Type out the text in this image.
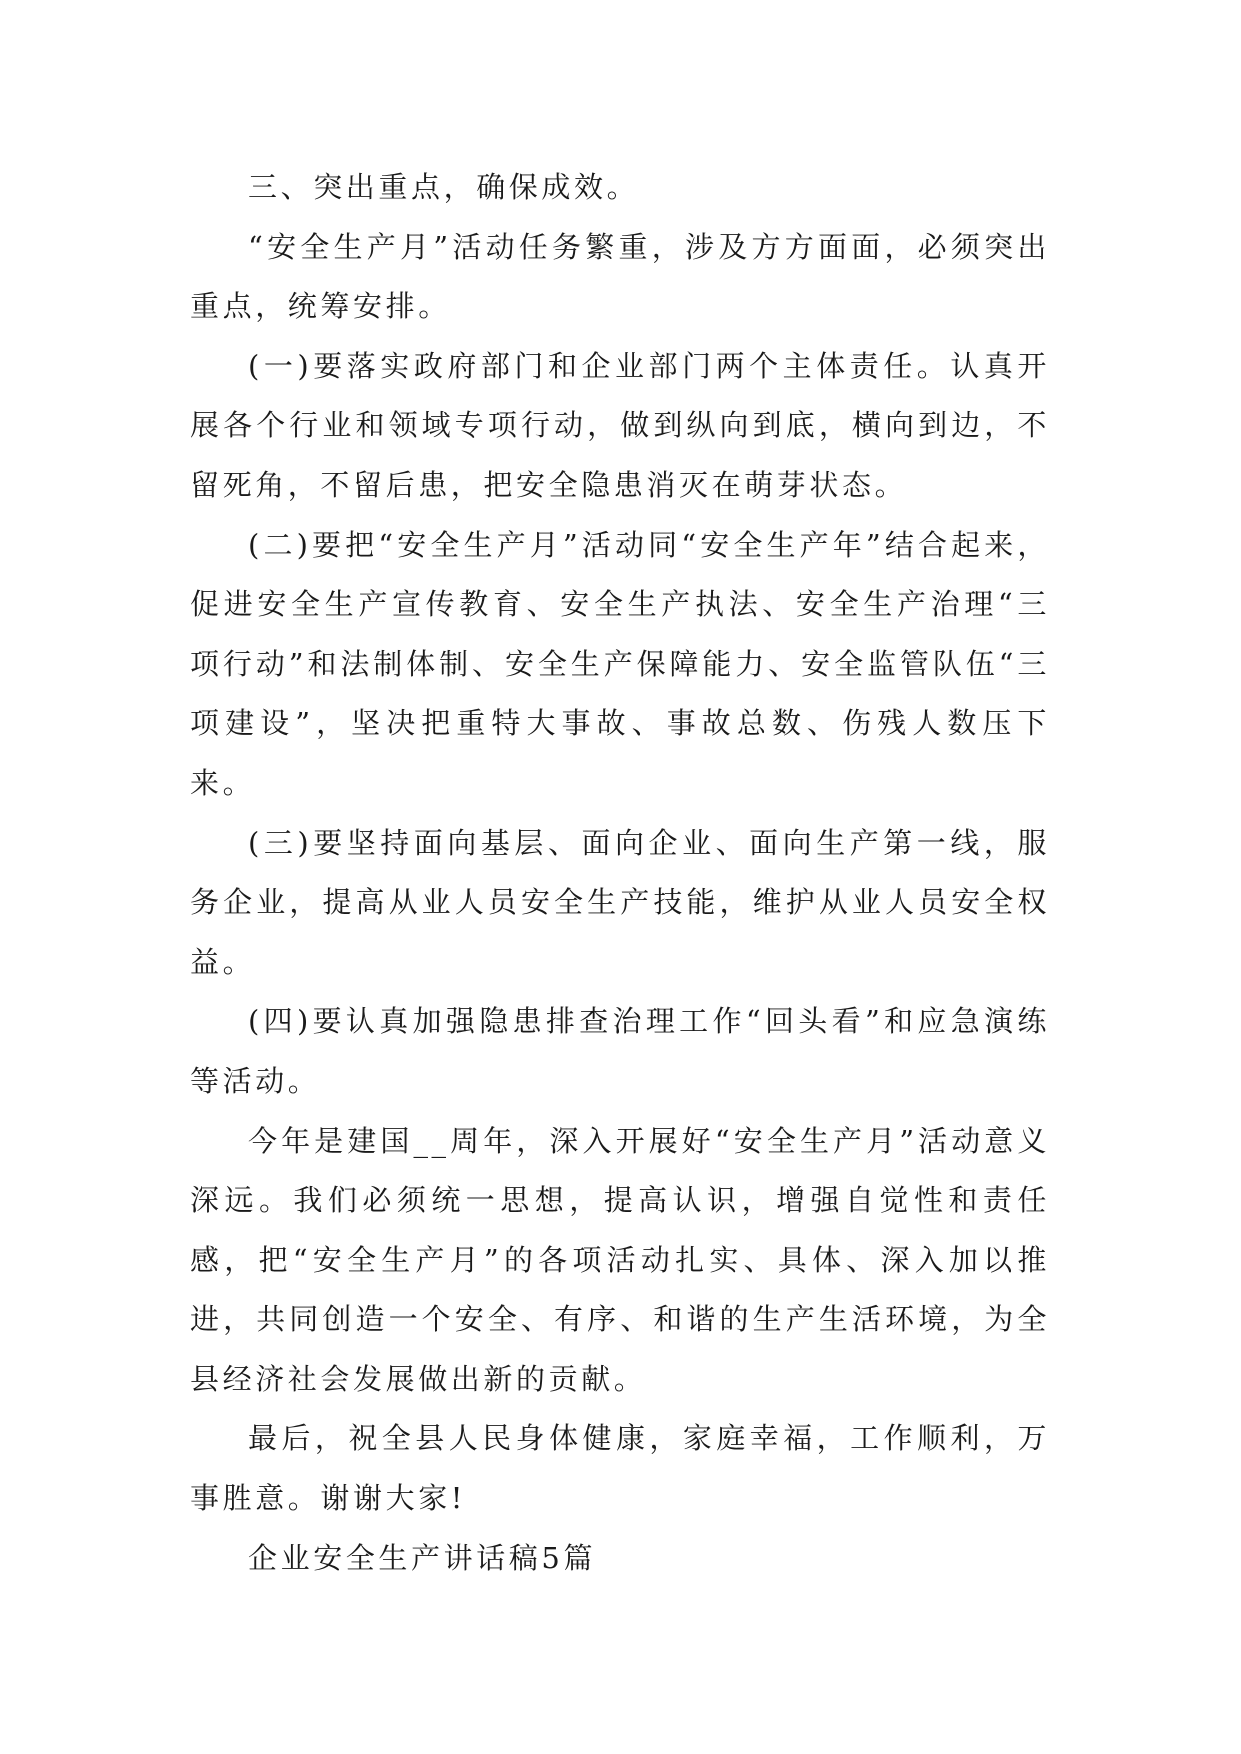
三、突出重点，确保成效。

“安全生产月”活动任务繁重，涉及方方面面，必须突出重点，统筹安排。

(一)要落实政府部门和企业部门两个主体责任。认真开展各个行业和领域专项行动，做到纵向到底，横向到边，不留死角，不留后患，把安全隐患消灭在萌芽状态。

(二)要把“安全生产月”活动同“安全生产年”结合起来，促进安全生产宣传教育、安全生产执法、安全生产治理“三项行动”和法制体制、安全生产保障能力、安全监管队伍“三项建设”，坚决把重特大事故、事故总数、伤残人数压下来。

(三)要坚持面向基层、面向企业、面向生产第一线，服务企业，提高从业人员安全生产技能，维护从业人员安全权益。

(四)要认真加强隐患排查治理工作“回头看”和应急演练等活动。

今年是建国__周年，深入开展好“安全生产月”活动意义深远。我们必须统一思想，提高认识，增强自觉性和责任感，把“安全生产月”的各项活动扎实、具体、深入加以推进，共同创造一个安全、有序、和谐的生产生活环境，为全县经济社会发展做出新的贡献。

最后，祝全县人民身体健康，家庭幸福，工作顺利，万事胜意。谢谢大家!

企业安全生产讲话稿5篇
